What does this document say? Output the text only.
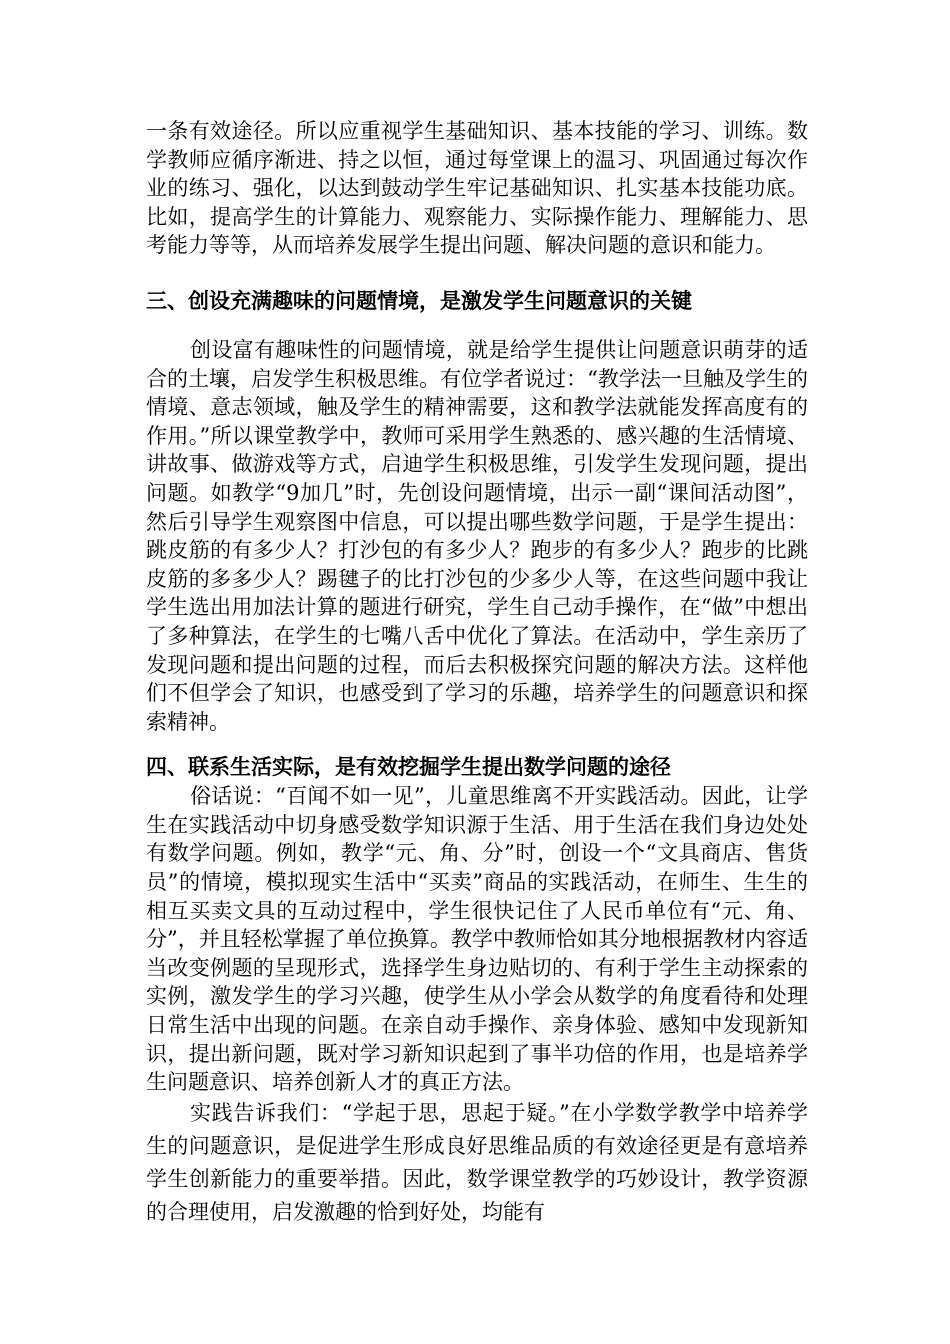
一条有效途径。所以应重视学生基础知识、基本技能的学习、训练。数学教师应循序渐进、持之以恒，通过每堂课上的温习、巩固通过每次作业的练习、强化，以达到鼓动学生牢记基础知识、扎实基本技能功底。比如，提高学生的计算能力、观察能力、实际操作能力、理解能力、思考能力等等，从而培养发展学生提出问题、解决问题的意识和能力。

三、创设充满趣味的问题情境，是激发学生问题意识的关键

创设富有趣味性的问题情境，就是给学生提供让问题意识萌芽的适合的土壤，启发学生积极思维。有位学者说过：“教学法一旦触及学生的情境、意志领域，触及学生的精神需要，这和教学法就能发挥高度有的作用。”所以课堂教学中，教师可采用学生熟悉的、感兴趣的生活情境、讲故事、做游戏等方式，启迪学生积极思维，引发学生发现问题，提出问题。如教学“9加几”时，先创设问题情境，出示一副“课间活动图”，然后引导学生观察图中信息，可以提出哪些数学问题，于是学生提出：跳皮筋的有多少人？打沙包的有多少人？跑步的有多少人？跑步的比跳皮筋的多多少人？踢毽子的比打沙包的少多少人等，在这些问题中我让学生选出用加法计算的题进行研究，学生自己动手操作，在“做”中想出了多种算法，在学生的七嘴八舌中优化了算法。在活动中，学生亲历了发现问题和提出问题的过程，而后去积极探究问题的解决方法。这样他们不但学会了知识，也感受到了学习的乐趣，培养学生的问题意识和探索精神。

四、联系生活实际，是有效挖掘学生提出数学问题的途径

俗话说：“百闻不如一见”，儿童思维离不开实践活动。因此，让学生在实践活动中切身感受数学知识源于生活、用于生活在我们身边处处有数学问题。例如，教学“元、角、分”时，创设一个“文具商店、售货员”的情境，模拟现实生活中“买卖”商品的实践活动，在师生、生生的相互买卖文具的互动过程中，学生很快记住了人民币单位有“元、角、分”，并且轻松掌握了单位换算。教学中教师恰如其分地根据教材内容适当改变例题的呈现形式，选择学生身边贴切的、有利于学生主动探索的实例，激发学生的学习兴趣，使学生从小学会从数学的角度看待和处理日常生活中出现的问题。在亲自动手操作、亲身体验、感知中发现新知识，提出新问题，既对学习新知识起到了事半功倍的作用，也是培养学生问题意识、培养创新人才的真正方法。

实践告诉我们：“学起于思，思起于疑。”在小学数学教学中培养学生的问题意识，是促进学生形成良好思维品质的有效途径更是有意培养学生创新能力的重要举措。因此，数学课堂教学的巧妙设计，教学资源的合理使用，启发激趣的恰到好处，均能有
